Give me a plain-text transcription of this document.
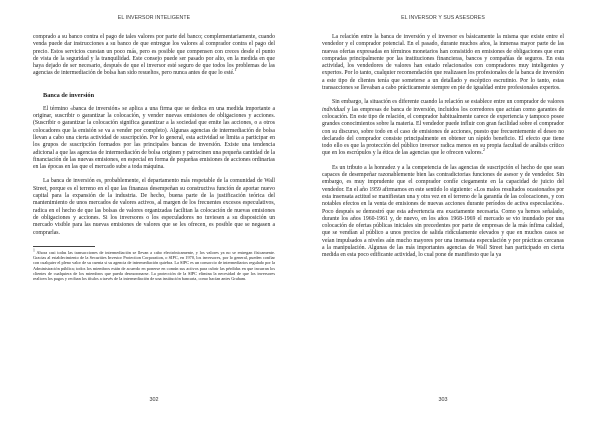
EL INVERSOR INTELIGENTE

comprado a su banco contra el pago de tales valores por parte del banco; complementariamente, cuando venda puede dar instrucciones a su banco de que entregue los valores al comprador contra el pago del precio. Estos servicios cuestan un poco más, pero es posible que compensen con creces desde el punto de vista de la seguridad y la tranquilidad. Este consejo puede ser pasado por alto, en la medida en que haya dejado de ser necesario, después de que el inversor esté seguro de que todos los problemas de las agencias de intermediación de bolsa han sido resueltos, pero nunca antes de que lo esté.$^1$

Banca de inversión

El término «banca de inversión» se aplica a una firma que se dedica en una medida importante a originar, suscribir o garantizar la colocación, y vender nuevas emisiones de obligaciones y acciones. (Suscribir o garantizar la colocación significa garantizar a la sociedad que emite las acciones, o a otros colocadores que la emisión se va a vender por completo). Algunas agencias de intermediación de bolsa llevan a cabo una cierta actividad de suscripción. Por lo general, esta actividad se limita a participar en los grupos de suscripción formados por las principales bancas de inversión. Existe una tendencia adicional a que las agencias de intermediación de bolsa originen y patrocinen una pequeña cantidad de la financiación de las nuevas emisiones, en especial en forma de pequeñas emisiones de acciones ordinarias en las épocas en las que el mercado sube a toda máquina.

La banca de inversión es, probablemente, el departamento más respetable de la comunidad de Wall Street, porque es el terreno en el que las finanzas desempeñan su constructiva función de aportar nuevo capital para la expansión de la industria. De hecho, buena parte de la justificación teórica del mantenimiento de unos mercados de valores activos, al margen de los frecuentes excesos especulativos, radica en el hecho de que las bolsas de valores organizadas facilitan la colocación de nuevas emisiones de obligaciones y acciones. Si los inversores o los especuladores no tuviesen a su disposición un mercado visible para las nuevas emisiones de valores que se les ofrecen, es posible que se negasen a comprarlas.

$^1$ Ahora casi todas las transacciones de intermediación se llevan a cabo electrónicamente, y los valores ya no se entregan físicamente. Gracias al establecimiento de la Securities Investor Protection Corporation, o SIPC, en 1970, los inversores, por lo general, pueden confiar con cualquier el pleno valor de su cuenta si su agencia de intermediación quiebra. La SIPC es un consorcio de intermediarios regulado por la Administración pública; todos los miembros están de acuerdo en ponerse en común sus activos para cubrir las pérdidas en que incurran los clientes de cualquiera de los miembros que pueda desmoronarse. La protección de la SIPC elimina la necesidad de que los inversores realicen los pagos y reciban los títulos a través de la intermediación de una institución bancaria, como hacían antes Graham.

302
EL INVERSOR Y SUS ASESORES

La relación entre la banca de inversión y el inversor es básicamente la misma que existe entre el vendedor y el comprador potencial. En el pasado, durante muchos años, la inmensa mayor parte de las nuevas ofertas expresadas en términos monetarios han consistido en emisiones de obligaciones que eran compradas principalmente por las instituciones financieras, bancos y compañías de seguros. En esta actividad, los vendedores de valores han estado relacionados con compradores muy inteligentes y expertos. Por lo tanto, cualquier recomendación que realizasen los profesionales de la banca de inversión a este tipo de clientes tenía que someterse a un detallado y escéptico escrutinio. Por lo tanto, estas transacciones se llevaban a cabo prácticamente siempre en pie de igualdad entre profesionales expertos.

Sin embargo, la situación es diferente cuando la relación se establece entre un comprador de valores individual y las empresas de banca de inversión, incluidos los corredores que actúan como garantes de colocación. En este tipo de relación, el comprador habitualmente carece de experiencia y tampoco posee grandes conocimientos sobre la materia. El vendedor puede influir con gran facilidad sobre el comprador con su discurso, sobre todo en el caso de emisiones de acciones, puesto que frecuentemente el deseo no declarado del comprador consiste principalmente en obtener un rápido beneficio. El efecto que tiene todo ello es que la protección del público inversor radica menos en su propia facultad de análisis crítico que en los escrúpulos y la ética de las agencias que le ofrecen valores.$^2$

Es un tributo a la honradez y a la competencia de las agencias de suscripción el hecho de que sean capaces de desempeñar razonablemente bien las contradictorias funciones de asesor y de vendedor. Sin embargo, es muy imprudente que el comprador confíe ciegamente en la capacidad de juicio del vendedor. En el año 1959 afirmamos en este sentido lo siguiente: «Los malos resultados ocasionados por esta insensata actitud se manifiestan una y otra vez en el terreno de la garantía de las colocaciones, y con notables efectos en la venta de emisiones de nuevas acciones durante períodos de activa especulación». Poco después se demostró que esta advertencia era exactamente necesaria. Como ya hemos señalado, durante los años 1960-1961 y, de nuevo, en los años 1968-1969 el mercado se vio inundado por una colocación de ofertas públicas iniciales sin precedentes por parte de empresas de la más ínfima calidad, que se vendían al público a unos precios de salida ridículamente elevados y que en muchos casos se veían impulsados a niveles aún mucho mayores por una insensata especulación y por prácticas cercanas a la manipulación. Algunas de las más importantes agencias de Wall Street han participado en cierta medida en esta poco edificante actividad, lo cual pone de manifiesto que la ya

303
